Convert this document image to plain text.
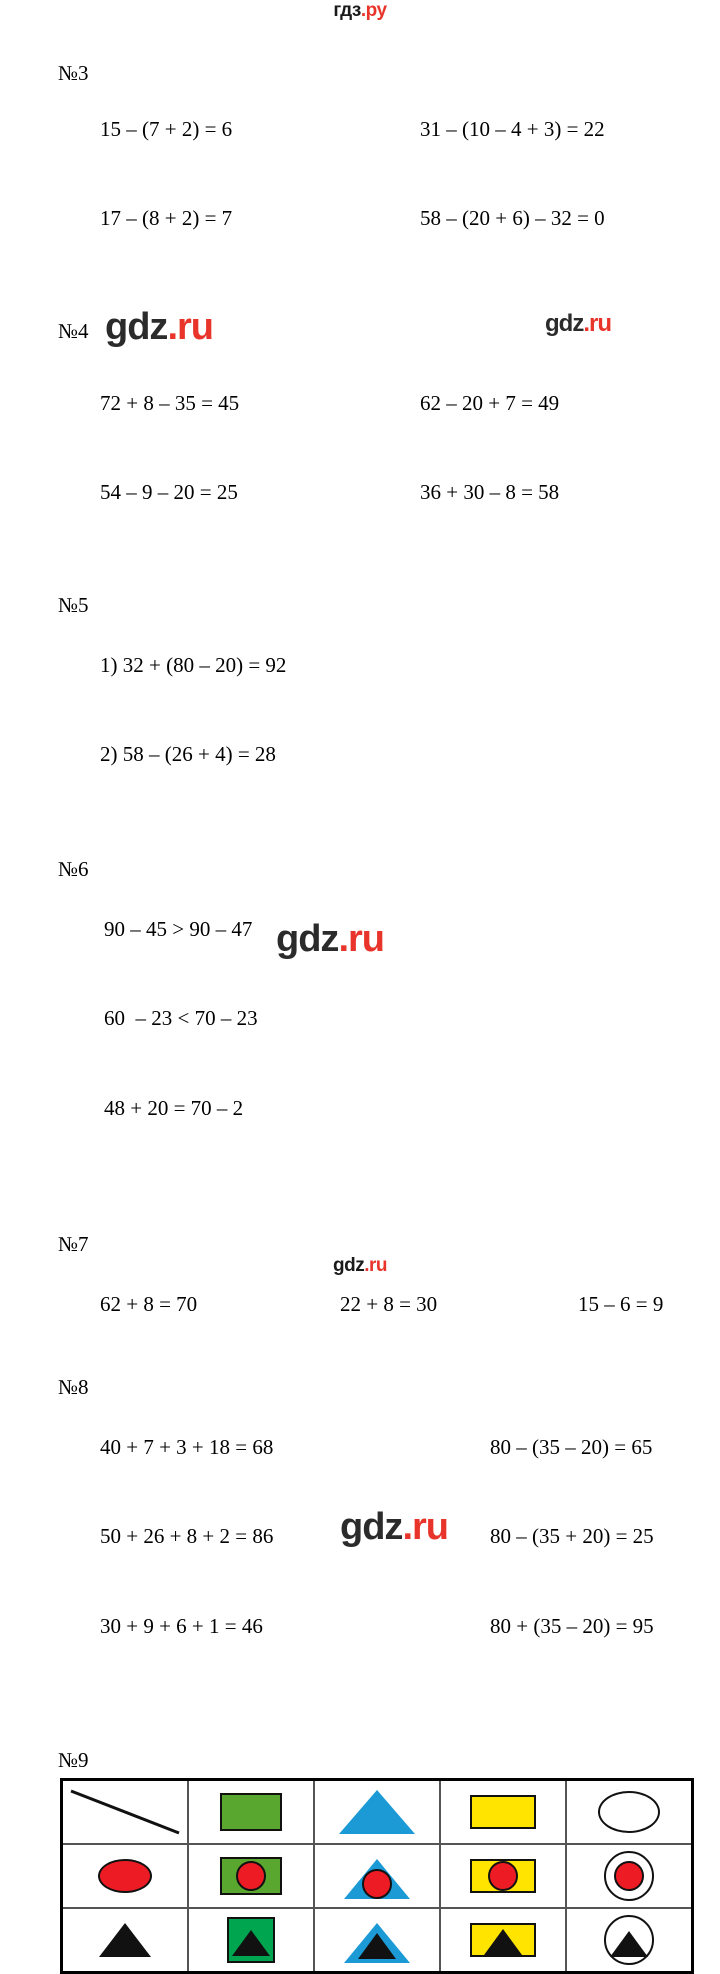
гдз.ру
№3

15 – (7 + 2) = 6	31 – (10 – 4 + 3) = 22

17 – (8 + 2) = 7	58 – (20 + 6) – 32 = 0

№4

72 + 8 – 35 = 45	62 – 20 + 7 = 49

54 – 9 – 20 = 25	36 + 30 – 8 = 58

gdz.ru	gdz.ru
№5

1) 32 + (80 – 20) = 92

2) 58 – (26 + 4) = 28

№6

90 – 45 > 90 – 47

60  – 23 < 70 – 23

48 + 20 = 70 – 2

gdz.ru
№7

62 + 8 = 70	22 + 8 = 30	15 – 6 = 9

№8

40 + 7 + 3 + 18 = 68	80 – (35 – 20) = 65

50 + 26 + 8 + 2 = 86	80 – (35 + 20) = 25

30 + 9 + 6 + 1 = 46	80 + (35 – 20) = 95

gdz.ru
№9

gdz.ru
